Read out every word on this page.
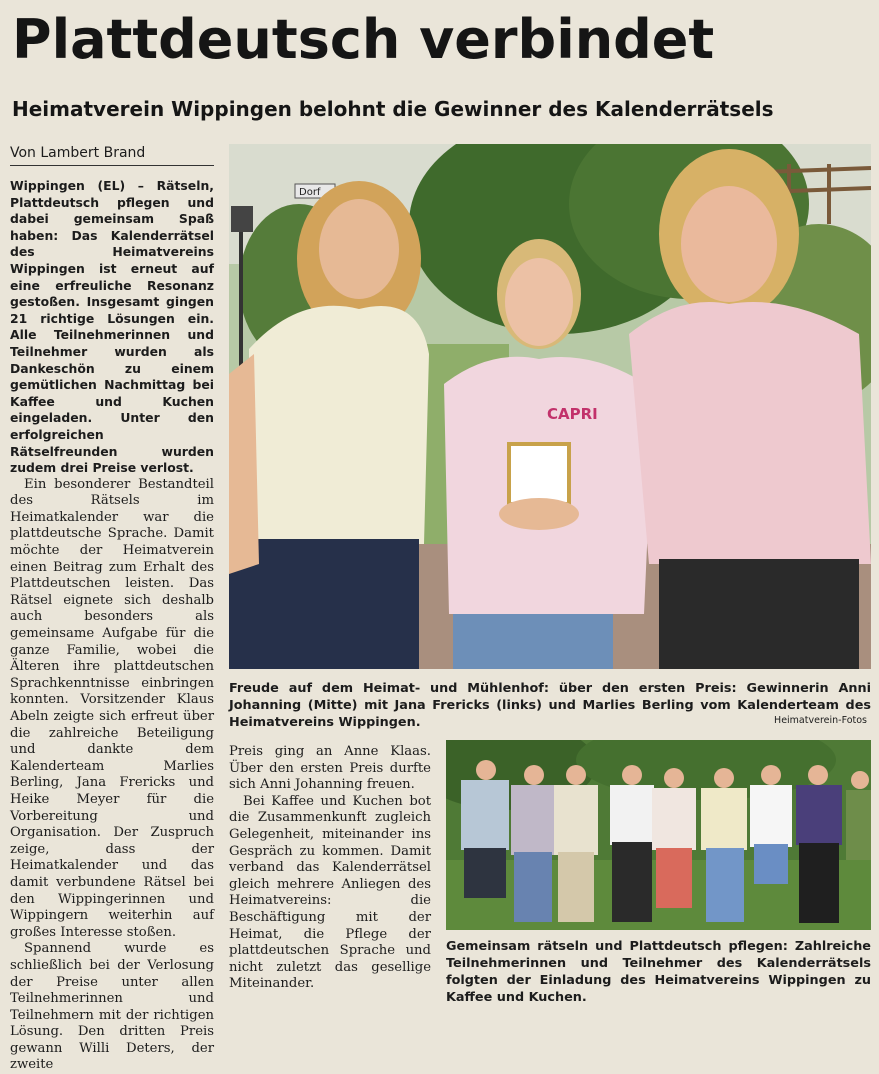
Plattdeutsch verbindet
Heimatverein Wippingen belohnt die Gewinner des Kalenderrätsels
Von Lambert Brand

Wippingen (EL) – Rätseln, Plattdeutsch pflegen und dabei gemeinsam Spaß haben: Das Kalenderrätsel des Heimatvereins Wippingen ist erneut auf eine erfreuliche Resonanz gestoßen. Insgesamt gingen 21 richtige Lösungen ein. Alle Teilnehmerinnen und Teilnehmer wurden als Dankeschön zu einem gemütlichen Nachmittag bei Kaffee und Kuchen eingeladen. Unter den erfolgreichen Rätselfreunden wurden zudem drei Preise verlost.

Ein besonderer Bestandteil des Rätsels im Heimatkalender war die plattdeutsche Sprache. Damit möchte der Heimatverein einen Beitrag zum Erhalt des Plattdeutschen leisten. Das Rätsel eignete sich deshalb auch besonders als gemeinsame Aufgabe für die ganze Familie, wobei die Älteren ihre plattdeutschen Sprachkenntnisse einbringen konnten. Vorsitzender Klaus Abeln zeigte sich erfreut über die zahlreiche Beteiligung und dankte dem Kalenderteam Marlies Berling, Jana Frericks und Heike Meyer für die Vorbereitung und Organisation. Der Zuspruch zeige, dass der Heimatkalender und das damit verbundene Rätsel bei den Wippingerinnen und Wippingern weiterhin auf großes Interesse stoßen.

Spannend wurde es schließlich bei der Verlosung der Preise unter allen Teilnehmerinnen und Teilnehmern mit der richtigen Lösung. Den dritten Preis gewann Willi Deters, der zweite

Preis ging an Anne Klaas. Über den ersten Preis durfte sich Anni Johanning freuen.

Bei Kaffee und Kuchen bot die Zusammenkunft zugleich Gelegenheit, miteinander ins Gespräch zu kommen. Damit verband das Kalenderrätsel gleich mehrere Anliegen des Heimatvereins: die Beschäftigung mit der Heimat, die Pflege der plattdeutschen Sprache und nicht zuletzt das gesellige Miteinander.

Dorf
CAPRI
Freude auf dem Heimat- und Mühlenhof: über den ersten Preis: Gewinnerin Anni Johanning (Mitte) mit Jana Frericks (links) und Marlies Berling vom Kalenderteam des Heimatvereins Wippingen.	Heimatverein-Fotos
Gemeinsam rätseln und Plattdeutsch pflegen: Zahlreiche Teilnehmerinnen und Teilnehmer des Kalenderrätsels folgten der Einladung des Heimatvereins Wippingen zu Kaffee und Kuchen.
